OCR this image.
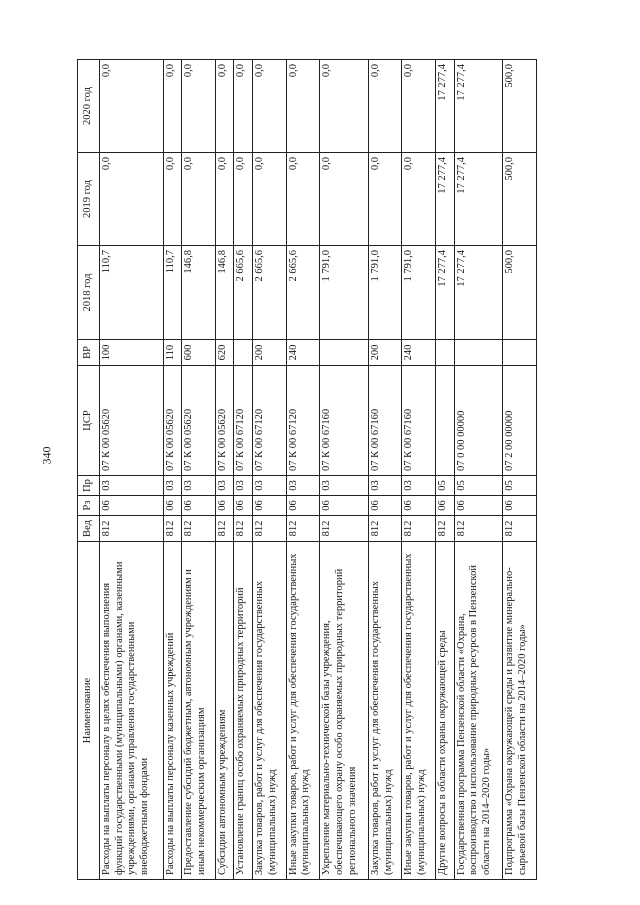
340
Наименование	Вед	Рз	Пр	ЦСР	ВР	2018 год	2019 год	2020 год
Расходы на выплаты персоналу в целях обеспечения выполнения функций государственными (муниципальными) органами, казенными учреждениями, органами управления государственными внебюджетными фондами	812	06	03	07 К 00 05620	100	110,7	0,0	0,0
Расходы на выплаты персоналу казенных учреждений	812	06	03	07 К 00 05620	110	110,7	0,0	0,0
Предоставление субсидий бюджетным, автономным учреждениям и иным некоммерческим организациям	812	06	03	07 К 00 05620	600	146,8	0,0	0,0
Субсидии автономным учреждениям	812	06	03	07 К 00 05620	620	146,8	0,0	0,0
Установление границ особо охраняемых природных территорий	812	06	03	07 К 00 67120		2 665,6	0,0	0,0
Закупка товаров, работ и услуг для обеспечения государственных (муниципальных) нужд	812	06	03	07 К 00 67120	200	2 665,6	0,0	0,0
Иные закупки товаров, работ и услуг для обеспечения государственных (муниципальных) нужд	812	06	03	07 К 00 67120	240	2 665,6	0,0	0,0
Укрепление материально-технической базы учреждения, обеспечивающего охрану особо охраняемых природных территорий регионального значения	812	06	03	07 К 00 67160		1 791,0	0,0	0,0
Закупка товаров, работ и услуг для обеспечения государственных (муниципальных) нужд	812	06	03	07 К 00 67160	200	1 791,0	0,0	0,0
Иные закупки товаров, работ и услуг для обеспечения государственных (муниципальных) нужд	812	06	03	07 К 00 67160	240	1 791,0	0,0	0,0
Другие вопросы в области охраны окружающей среды	812	06	05			17 277,4	17 277,4	17 277,4
Государственная программа Пензенской области «Охрана, воспроизводство и использование природных ресурсов в Пензенской области на 2014–2020 годы»	812	06	05	07 0 00 00000		17 277,4	17 277,4	17 277,4
Подпрограмма «Охрана окружающей среды и развитие минерально-сырьевой базы Пензенской области на 2014–2020 годы»	812	06	05	07 2 00 00000		500,0	500,0	500,0
